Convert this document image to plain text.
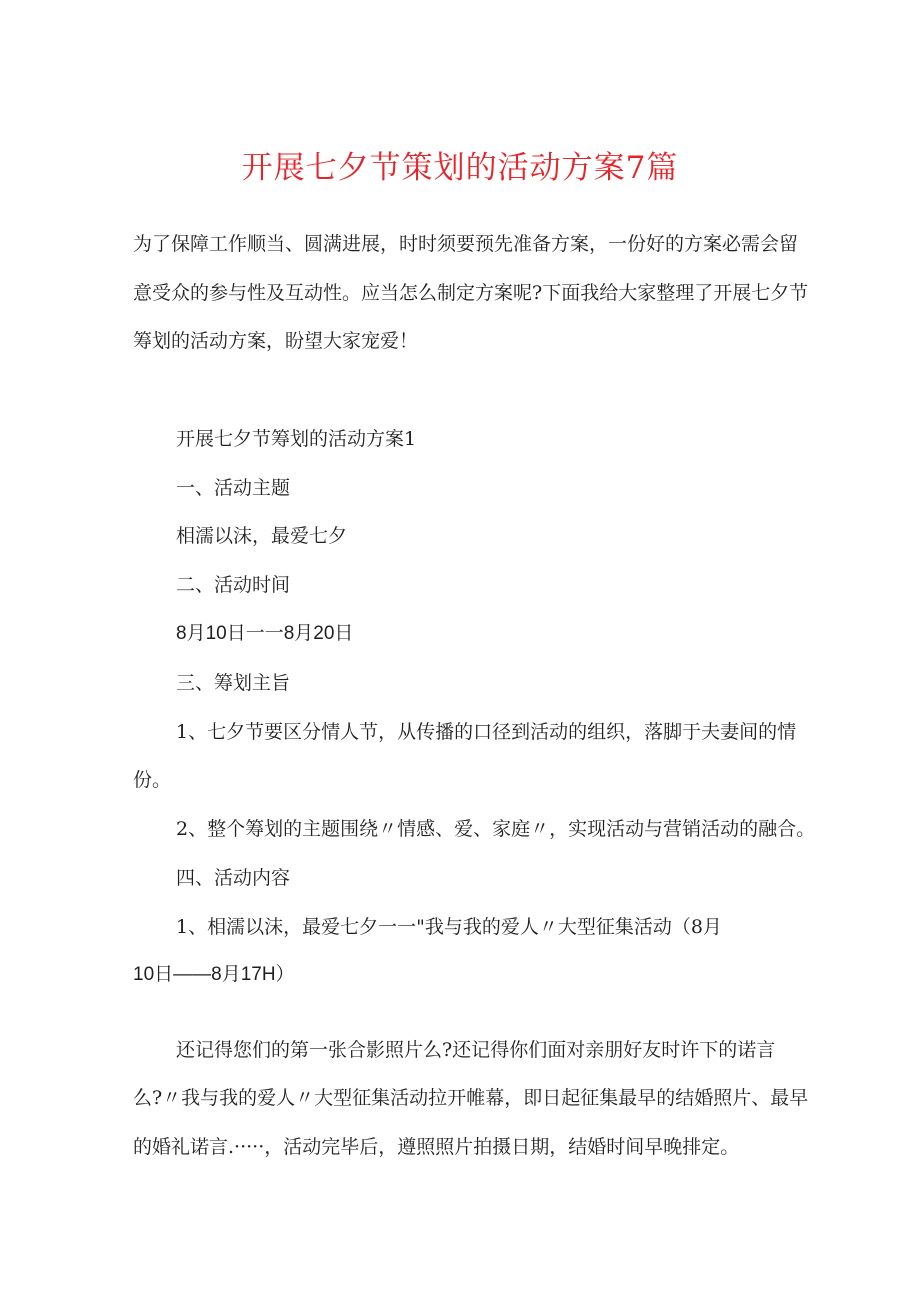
开展七夕节策划的活动方案7篇
为了保障工作顺当、圆满进展，时时须要预先准备方案，一份好的方案必需会留
意受众的参与性及互动性。应当怎么制定方案呢?下面我给大家整理了开展七夕节
筹划的活动方案，盼望大家宠爱！
开展七夕节筹划的活动方案1
一、活动主题
相濡以沫，最爱七夕
二、活动时间
8月10日一一8月20日
三、筹划主旨
1、七夕节要区分情人节，从传播的口径到活动的组织，落脚于夫妻间的情
份。
2、整个筹划的主题围绕〃情感、爱、家庭〃，实现活动与营销活动的融合。
四、活动内容
1、相濡以沫，最爱七夕一一"我与我的爱人〃大型征集活动（8月
10日——8月17H）
还记得您们的第一张合影照片么?还记得你们面对亲朋好友时许下的诺言
么?〃我与我的爱人〃大型征集活动拉开帷幕，即日起征集最早的结婚照片、最早
的婚礼诺言.·····，活动完毕后，遵照照片拍摄日期，结婚时间早晚排定。
